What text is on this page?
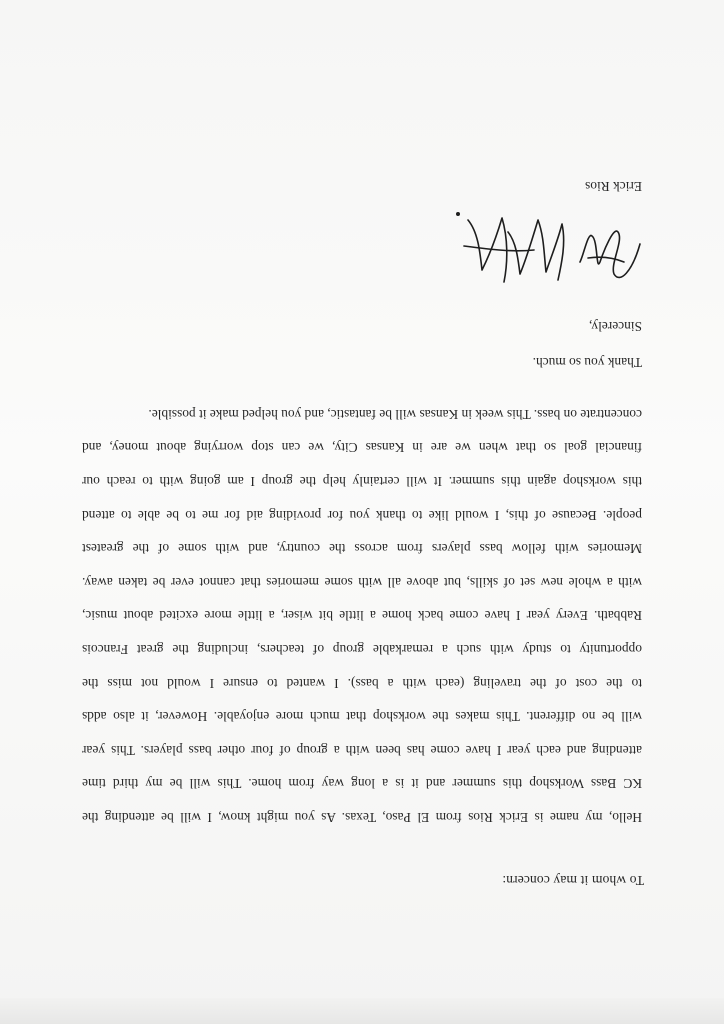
To whom it may concern:
Hello, my name is Erick Rios from El Paso, Texas. As you might know, I will be attending the
KC Bass Workshop this summer and it is a long way from home. This will be my third time
attending and each year I have come has been with a group of four other bass players. This year
will be no different. This makes the workshop that much more enjoyable. However, it also adds
to the cost of the traveling (each with a bass). I wanted to ensure I would not miss the
opportunity to study with such a remarkable group of teachers, including the great Francois
Rabbath. Every year I have come back home a little bit wiser, a little more excited about music,
with a whole new set of skills, but above all with some memories that cannot ever be taken away.
Memories with fellow bass players from across the country, and with some of the greatest
people. Because of this, I would like to thank you for providing aid for me to be able to attend
this workshop again this summer. It will certainly help the group I am going with to reach our
financial goal so that when we are in Kansas City, we can stop worrying about money, and
concentrate on bass. This week in Kansas will be fantastic, and you helped make it possible.
Thank you so much.
Sincerely,
Erick Rios
